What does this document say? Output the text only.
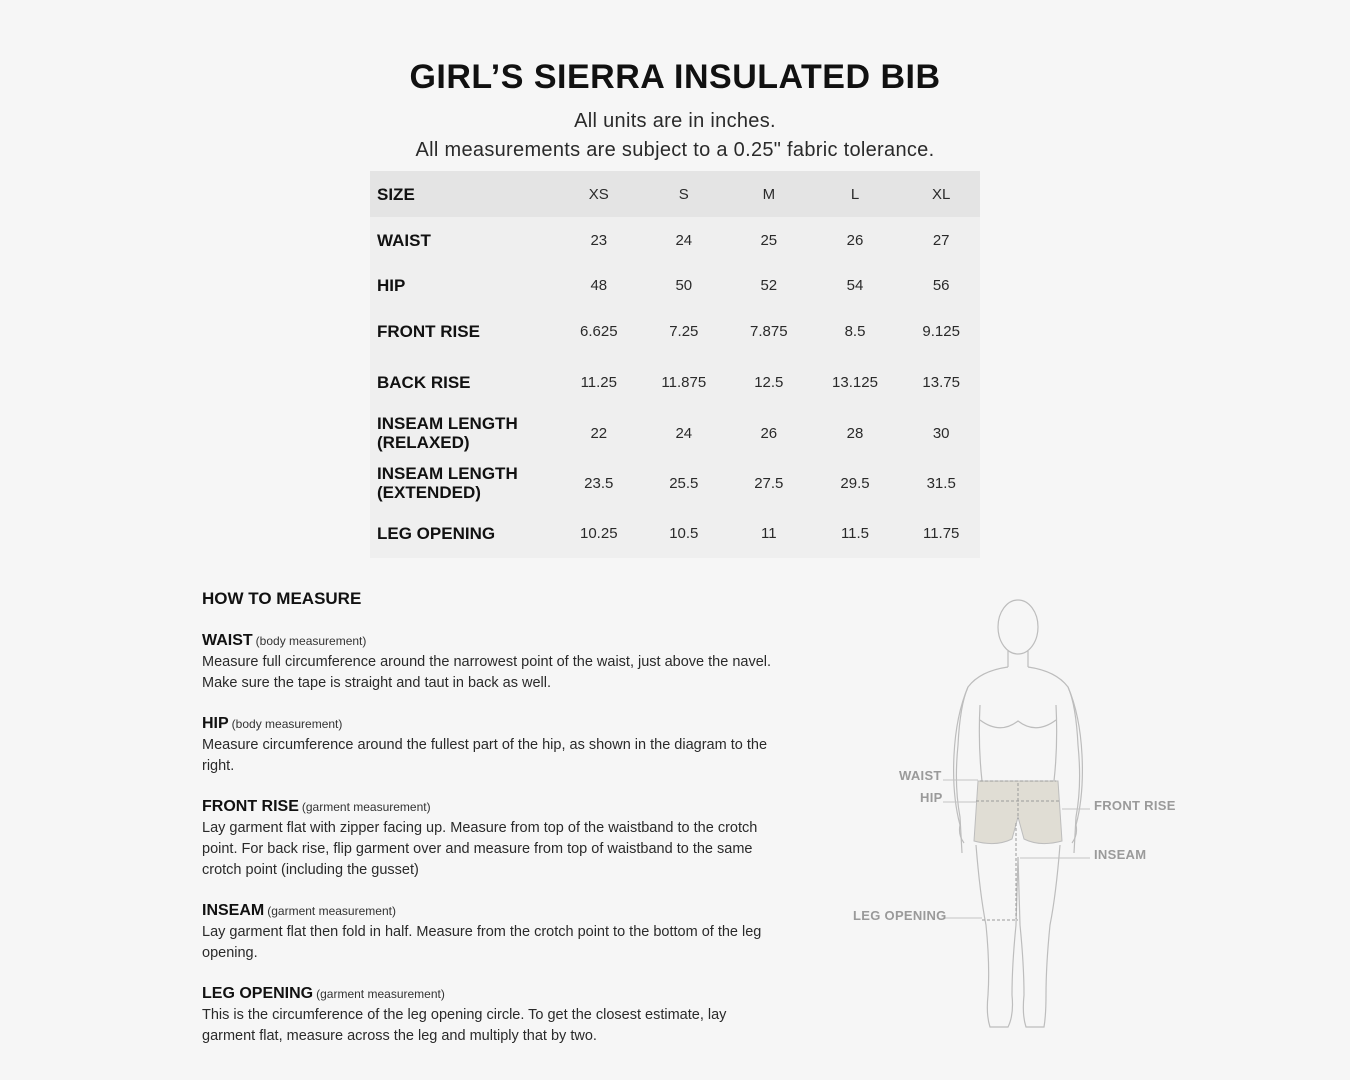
GIRL’S SIERRA INSULATED BIB
All units are in inches.
All measurements are subject to a 0.25" fabric tolerance.
SIZE	XS	S	M	L	XL
WAIST	23	24	25	26	27
HIP	48	50	52	54	56
FRONT RISE	6.625	7.25	7.875	8.5	9.125
BACK RISE	11.25	11.875	12.5	13.125	13.75
INSEAM LENGTH
(RELAXED)	22	24	26	28	30
INSEAM LENGTH
(EXTENDED)	23.5	25.5	27.5	29.5	31.5
LEG OPENING	10.25	10.5	11	11.5	11.75
HOW TO MEASURE
WAIST (body measurement)
Measure full circumference around the narrowest point of the waist, just above the navel. Make sure the tape is straight and taut in back as well.
HIP (body measurement)
Measure circumference around the fullest part of the hip, as shown in the diagram to the right.
FRONT RISE (garment measurement)
Lay garment flat with zipper facing up. Measure from top of the waistband to the crotch point. For back rise, flip garment over and measure from top of waistband to the same crotch point (including the gusset)
INSEAM (garment measurement)
Lay garment flat then fold in half. Measure from the crotch point to the bottom of the leg opening.
LEG OPENING (garment measurement)
This is the circumference of the leg opening circle. To get the closest estimate, lay garment flat, measure across the leg and multiply that by two.
WAIST
HIP
FRONT RISE
INSEAM
LEG OPENING
